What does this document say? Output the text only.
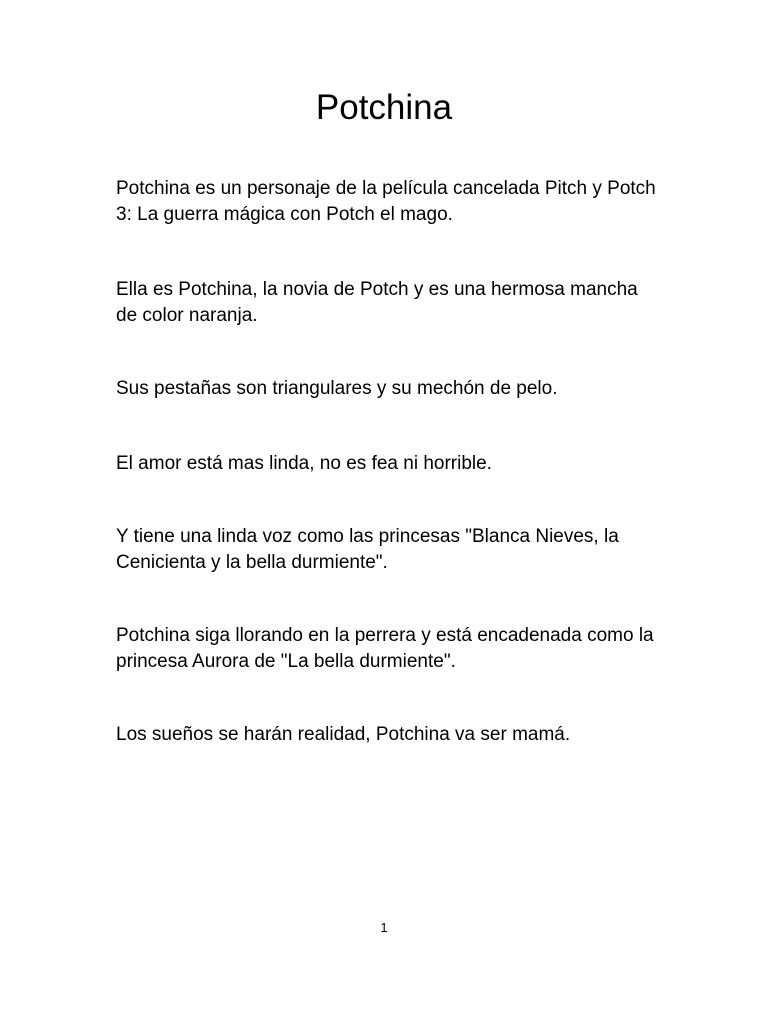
Potchina

Potchina es un personaje de la película cancelada Pitch y Potch 3: La guerra mágica con Potch el mago.

Ella es Potchina, la novia de Potch y es una hermosa mancha de color naranja.

Sus pestañas son triangulares y su mechón de pelo.

El amor está mas linda, no es fea ni horrible.

Y tiene una linda voz como las princesas "Blanca Nieves, la Cenicienta y la bella durmiente".

Potchina siga llorando en la perrera y está encadenada como la princesa Aurora de "La bella durmiente".

Los sueños se harán realidad, Potchina va ser mamá.

1
